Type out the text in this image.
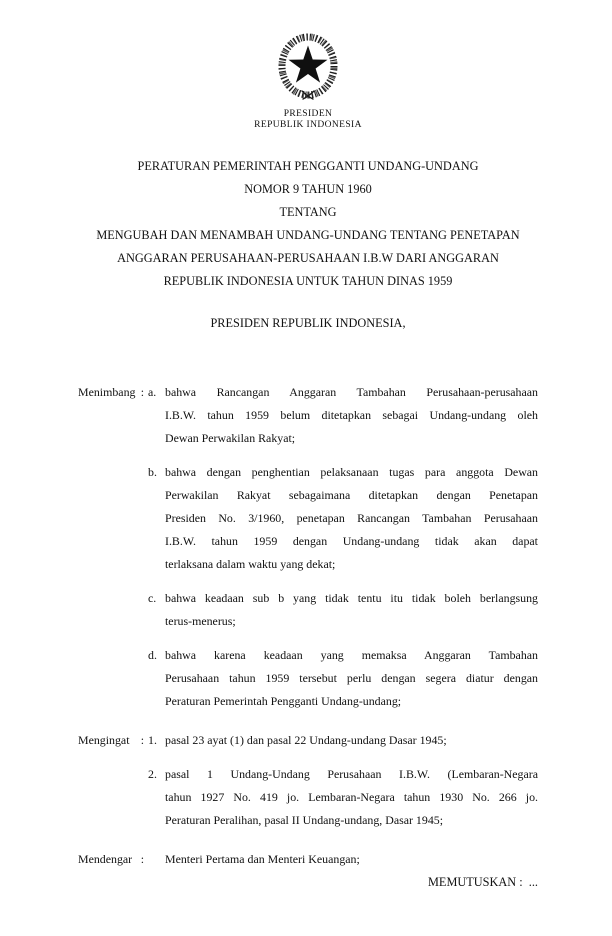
PRESIDEN
REPUBLIK INDONESIA
PERATURAN PEMERINTAH PENGGANTI UNDANG-UNDANG
NOMOR 9 TAHUN 1960
TENTANG
MENGUBAH DAN MENAMBAH UNDANG-UNDANG TENTANG PENETAPAN
ANGGARAN PERUSAHAAN-PERUSAHAAN I.B.W DARI ANGGARAN
REPUBLIK INDONESIA UNTUK TAHUN DINAS 1959
PRESIDEN REPUBLIK INDONESIA,
Menimbang : a. bahwa Rancangan Anggaran Tambahan Perusahaan-perusahaan
I.B.W. tahun 1959 belum ditetapkan sebagai Undang-undang oleh
Dewan Perwakilan Rakyat;
b. bahwa dengan penghentian pelaksanaan tugas para anggota Dewan
Perwakilan Rakyat sebagaimana ditetapkan dengan Penetapan
Presiden No. 3/1960, penetapan Rancangan Tambahan Perusahaan
I.B.W. tahun 1959 dengan Undang-undang tidak akan dapat
terlaksana dalam waktu yang dekat;
c. bahwa keadaan sub b yang tidak tentu itu tidak boleh berlangsung
terus-menerus;
d. bahwa karena keadaan yang memaksa Anggaran Tambahan
Perusahaan tahun 1959 tersebut perlu dengan segera diatur dengan
Peraturan Pemerintah Pengganti Undang-undang;
Mengingat : 1. pasal 23 ayat (1) dan pasal 22 Undang-undang Dasar 1945;
2. pasal 1 Undang-Undang Perusahaan I.B.W. (Lembaran-Negara
tahun 1927 No. 419 jo. Lembaran-Negara tahun 1930 No. 266 jo.
Peraturan Peralihan, pasal II Undang-undang, Dasar 1945;
Mendengar : Menteri Pertama dan Menteri Keuangan;
MEMUTUSKAN :  ...
